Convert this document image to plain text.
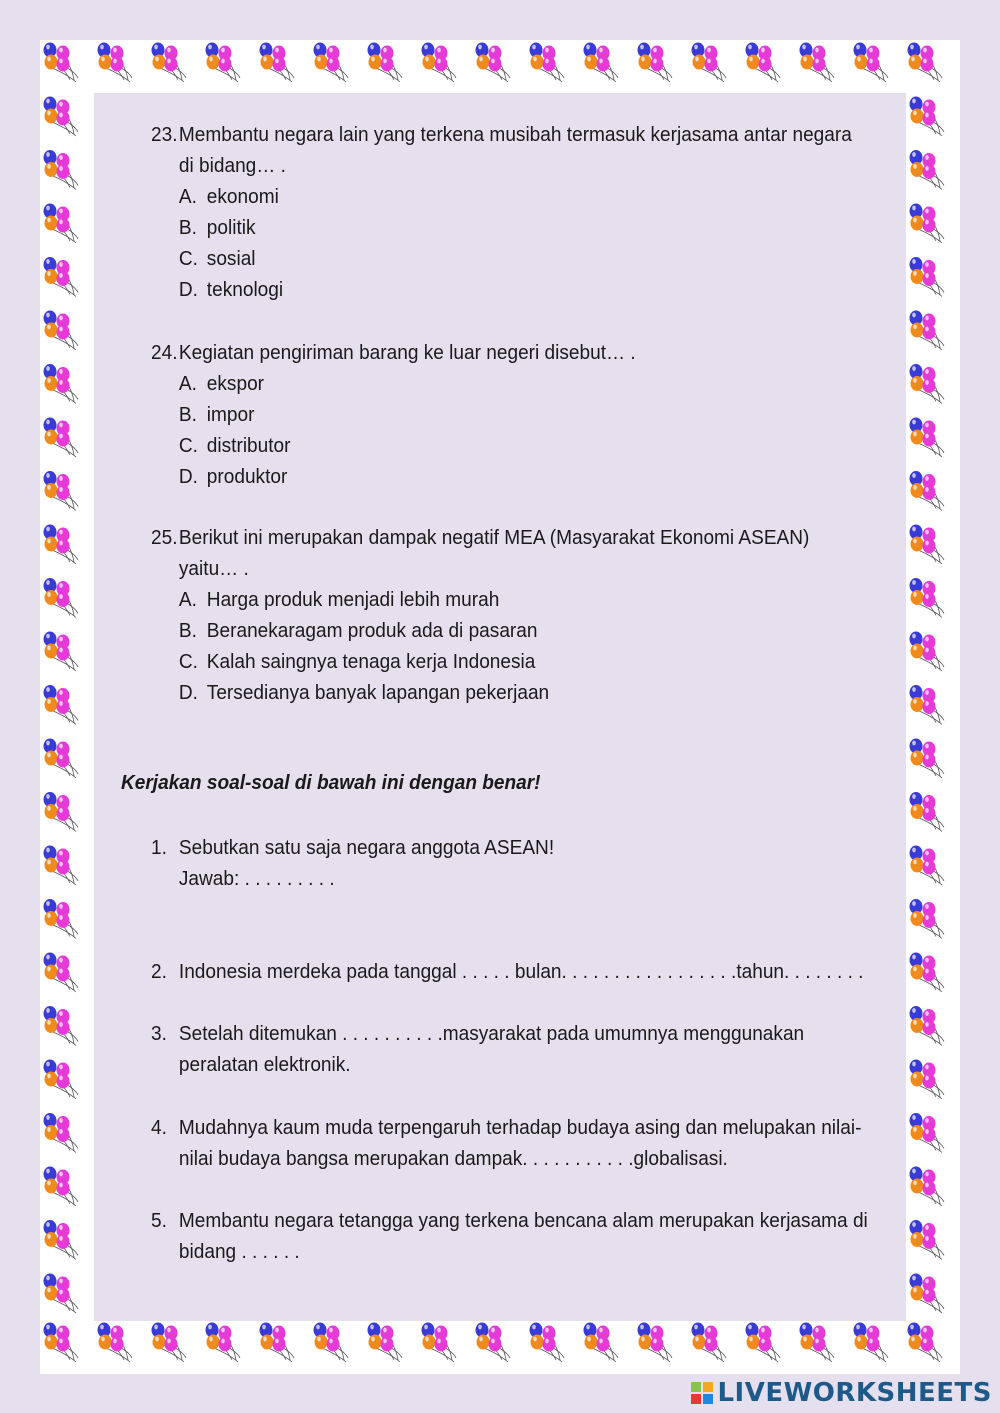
23. Membantu negara lain yang terkena musibah termasuk kerjasama antar negara
di bidang… .
A. ekonomi
B. politik
C. sosial
D. teknologi
24. Kegiatan pengiriman barang ke luar negeri disebut… .
A. ekspor
B. impor
C. distributor
D. produktor
25. Berikut ini merupakan dampak negatif MEA (Masyarakat Ekonomi ASEAN)
yaitu… .
A. Harga produk menjadi lebih murah
B. Beranekaragam produk ada di pasaran
C. Kalah saingnya tenaga kerja Indonesia
D. Tersedianya banyak lapangan pekerjaan
Kerjakan soal-soal di bawah ini dengan benar!
1. Sebutkan satu saja negara anggota ASEAN!
Jawab: . . . . . . . . .
2. Indonesia merdeka pada tanggal . . . . . bulan. . . . . . . . . . . . . . . . .tahun. . . . . . . .
3. Setelah ditemukan . . . . . . . . . .masyarakat pada umumnya menggunakan
peralatan elektronik.
4. Mudahnya kaum muda terpengaruh terhadap budaya asing dan melupakan nilai-
nilai budaya bangsa merupakan dampak. . . . . . . . . . .globalisasi.
5. Membantu negara tetangga yang terkena bencana alam merupakan kerjasama di
bidang . . . . . .
LIVEWORKSHEETS
